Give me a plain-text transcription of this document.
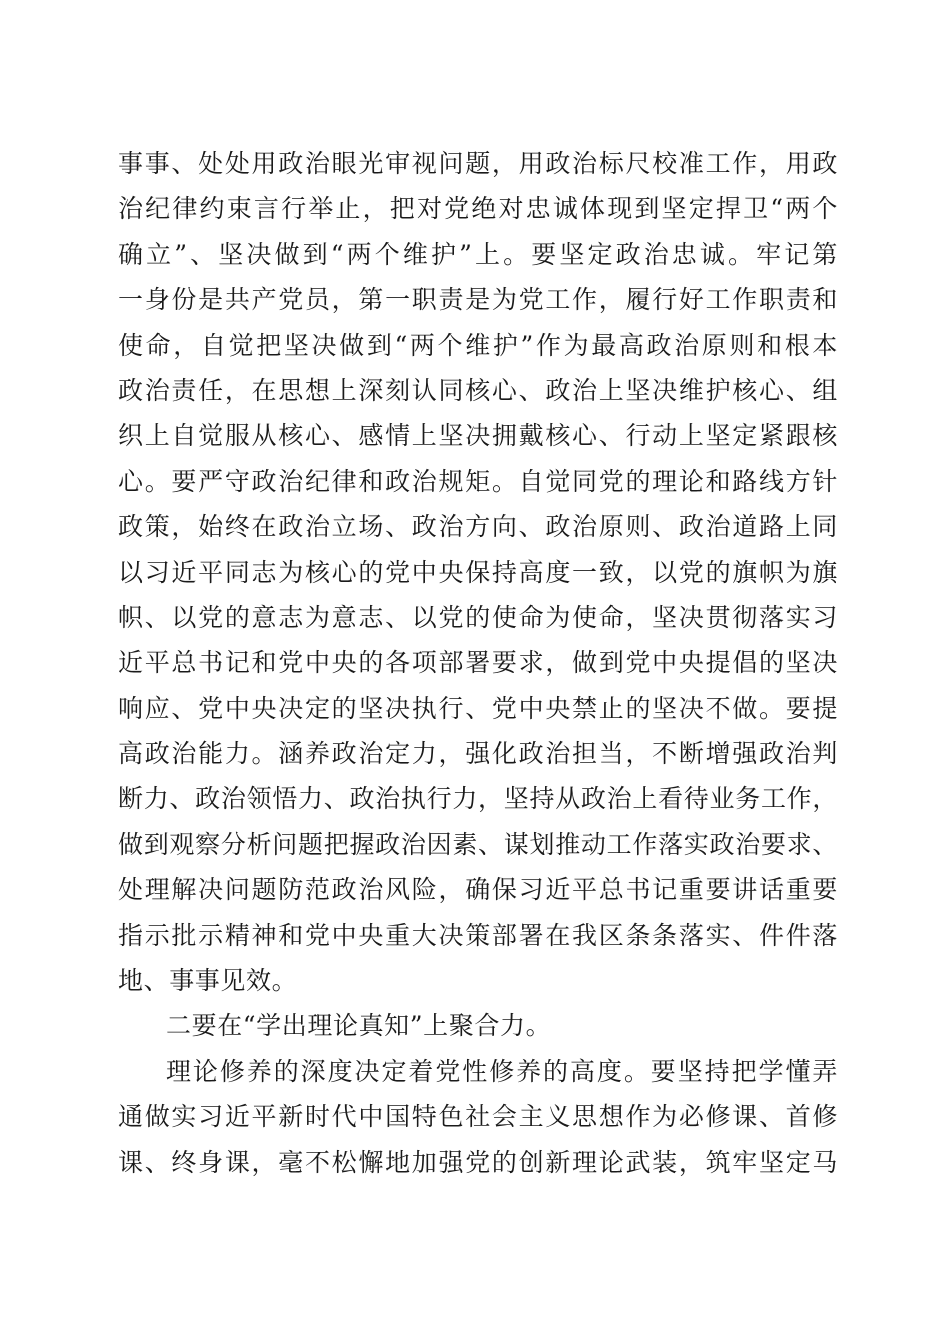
事事、处处用政治眼光审视问题，用政治标尺校准工作，用政
治纪律约束言行举止，把对党绝对忠诚体现到坚定捍卫“两个
确立”、坚决做到“两个维护”上。要坚定政治忠诚。牢记第
一身份是共产党员，第一职责是为党工作，履行好工作职责和
使命，自觉把坚决做到“两个维护”作为最高政治原则和根本
政治责任，在思想上深刻认同核心、政治上坚决维护核心、组
织上自觉服从核心、感情上坚决拥戴核心、行动上坚定紧跟核
心。要严守政治纪律和政治规矩。自觉同党的理论和路线方针
政策，始终在政治立场、政治方向、政治原则、政治道路上同
以习近平同志为核心的党中央保持高度一致，以党的旗帜为旗
帜、以党的意志为意志、以党的使命为使命，坚决贯彻落实习
近平总书记和党中央的各项部署要求，做到党中央提倡的坚决
响应、党中央决定的坚决执行、党中央禁止的坚决不做。要提
高政治能力。涵养政治定力，强化政治担当，不断增强政治判
断力、政治领悟力、政治执行力，坚持从政治上看待业务工作，
做到观察分析问题把握政治因素、谋划推动工作落实政治要求、
处理解决问题防范政治风险，确保习近平总书记重要讲话重要
指示批示精神和党中央重大决策部署在我区条条落实、件件落
地、事事见效。
二要在“学出理论真知”上聚合力。
理论修养的深度决定着党性修养的高度。要坚持把学懂弄
通做实习近平新时代中国特色社会主义思想作为必修课、首修
课、终身课，毫不松懈地加强党的创新理论武装，筑牢坚定马
